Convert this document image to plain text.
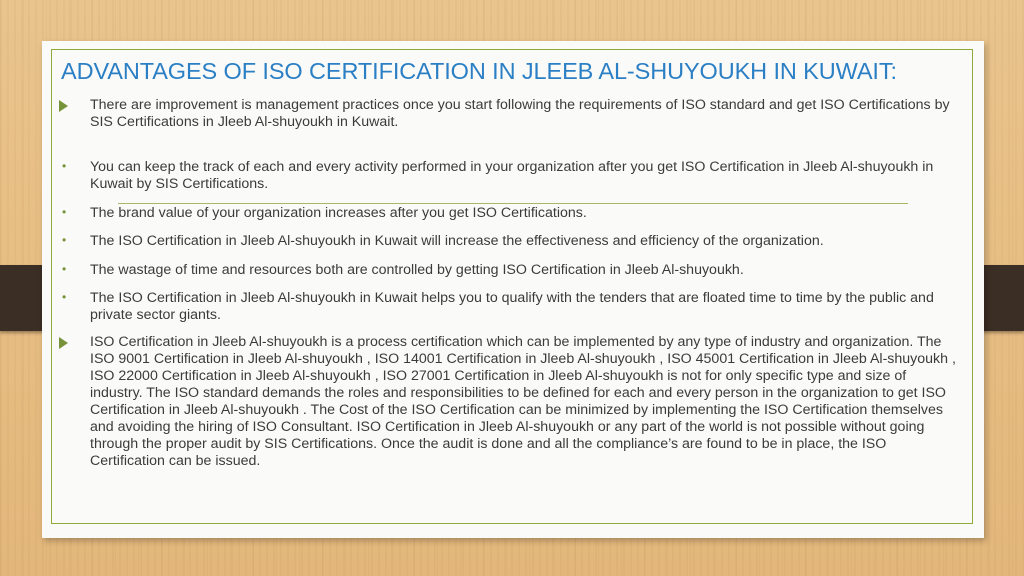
ADVANTAGES OF ISO CERTIFICATION IN JLEEB AL-SHUYOUKH IN KUWAIT:
There are improvement is management practices once you start following the requirements of ISO standard and get ISO Certifications by SIS Certifications in Jleeb Al-shuyoukh in Kuwait.
• You can keep the track of each and every activity performed in your organization after you get ISO Certification in Jleeb Al-shuyoukh in Kuwait by SIS Certifications.
• The brand value of your organization increases after you get ISO Certifications.
• The ISO Certification in Jleeb Al-shuyoukh in Kuwait will increase the effectiveness and efficiency of the organization.
• The wastage of time and resources both are controlled by getting ISO Certification in Jleeb Al-shuyoukh.
• The ISO Certification in Jleeb Al-shuyoukh in Kuwait helps you to qualify with the tenders that are floated time to time by the public and private sector giants.
ISO Certification in Jleeb Al-shuyoukh is a process certification which can be implemented by any type of industry and organization. The ISO 9001 Certification in Jleeb Al-shuyoukh , ISO 14001 Certification in Jleeb Al-shuyoukh , ISO 45001 Certification in Jleeb Al-shuyoukh , ISO 22000 Certification in Jleeb Al-shuyoukh , ISO 27001 Certification in Jleeb Al-shuyoukh is not for only specific type and size of industry. The ISO standard demands the roles and responsibilities to be defined for each and every person in the organization to get ISO Certification in Jleeb Al-shuyoukh . The Cost of the ISO Certification can be minimized by implementing the ISO Certification themselves and avoiding the hiring of ISO Consultant. ISO Certification in Jleeb Al-shuyoukh or any part of the world is not possible without going through the proper audit by SIS Certifications. Once the audit is done and all the compliance’s are found to be in place, the ISO Certification can be issued.
